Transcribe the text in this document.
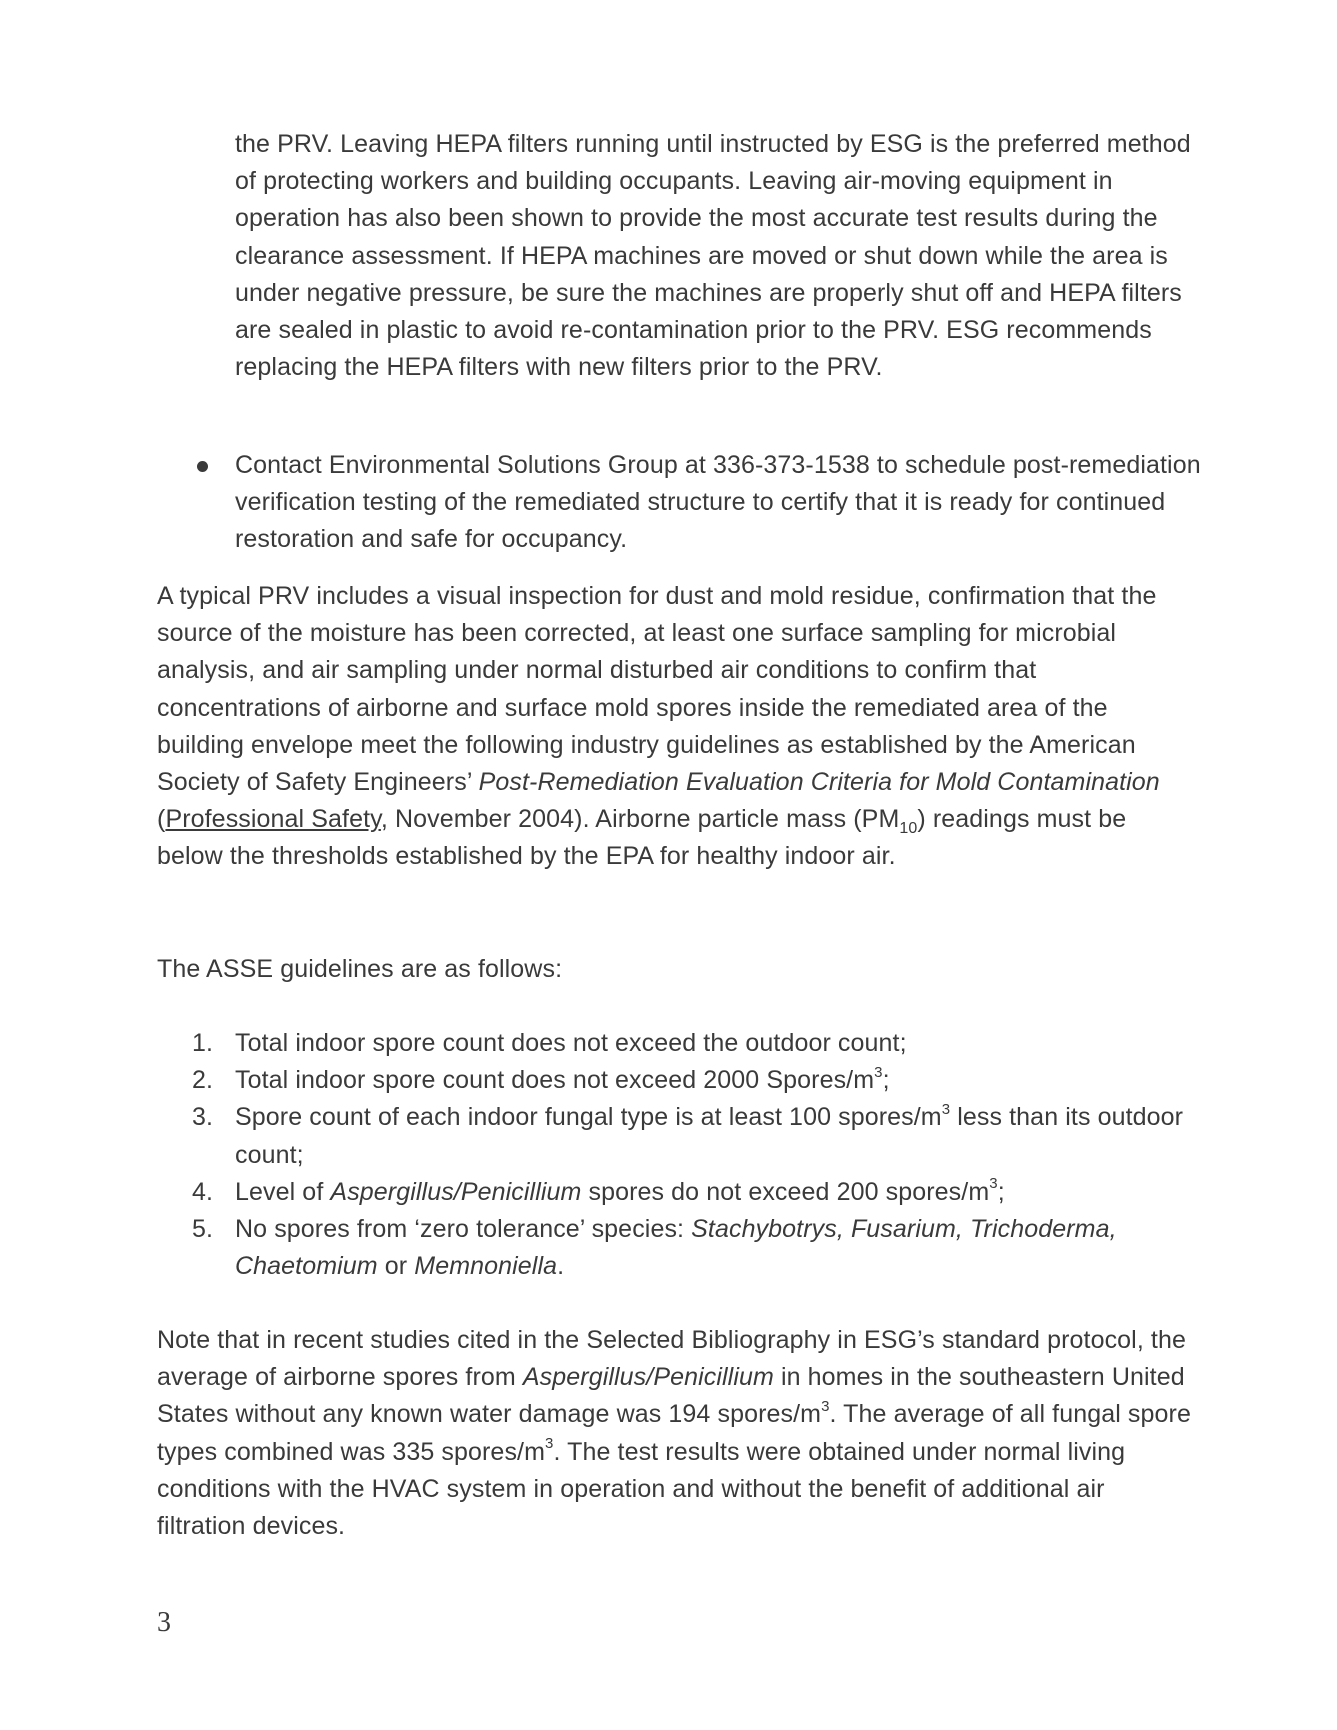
the PRV. Leaving HEPA filters running until instructed by ESG is the preferred method of protecting workers and building occupants. Leaving air-moving equipment in operation has also been shown to provide the most accurate test results during the clearance assessment. If HEPA machines are moved or shut down while the area is under negative pressure, be sure the machines are properly shut off and HEPA filters are sealed in plastic to avoid re-contamination prior to the PRV. ESG recommends replacing the HEPA filters with new filters prior to the PRV.

Contact Environmental Solutions Group at 336-373-1538 to schedule post-remediation verification testing of the remediated structure to certify that it is ready for continued restoration and safe for occupancy.

A typical PRV includes a visual inspection for dust and mold residue, confirmation that the source of the moisture has been corrected, at least one surface sampling for microbial analysis, and air sampling under normal disturbed air conditions to confirm that concentrations of airborne and surface mold spores inside the remediated area of the building envelope meet the following industry guidelines as established by the American Society of Safety Engineers’ Post-Remediation Evaluation Criteria for Mold Contamination (Professional Safety, November 2004). Airborne particle mass $(PM_{10})$ readings must be below the thresholds established by the EPA for healthy indoor air.

The ASSE guidelines are as follows:

1. Total indoor spore count does not exceed the outdoor count;
2. Total indoor spore count does not exceed 2000 Spores/$m^3$;
3. Spore count of each indoor fungal type is at least 100 spores/$m^3$ less than its outdoor count;
4. Level of Aspergillus/Penicillium spores do not exceed 200 spores/$m^3$;
5. No spores from ‘zero tolerance’ species: Stachybotrys, Fusarium, Trichoderma, Chaetomium or Memnoniella.

Note that in recent studies cited in the Selected Bibliography in ESG’s standard protocol, the average of airborne spores from Aspergillus/Penicillium in homes in the southeastern United States without any known water damage was 194 spores/$m^3$. The average of all fungal spore types combined was 335 spores/$m^3$. The test results were obtained under normal living conditions with the HVAC system in operation and without the benefit of additional air filtration devices.

3
